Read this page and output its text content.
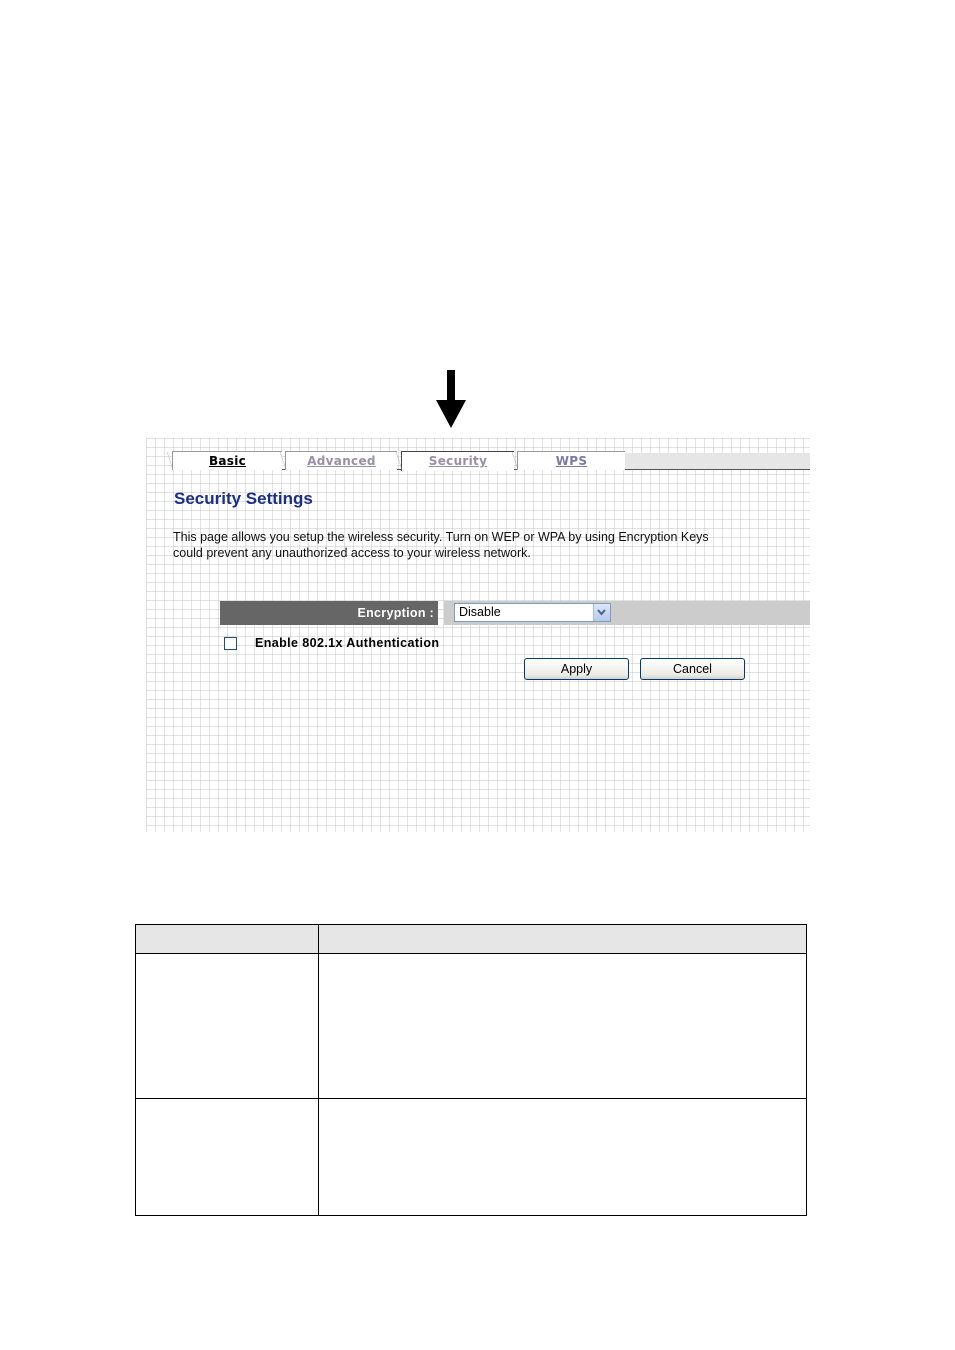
Basic	Advanced	Security	WPS
Security Settings
This page allows you setup the wireless security. Turn on WEP or WPA by using Encryption Keys could prevent any unauthorized access to your wireless network.
Encryption :	Disable
Enable 802.1x Authentication
Apply	Cancel
